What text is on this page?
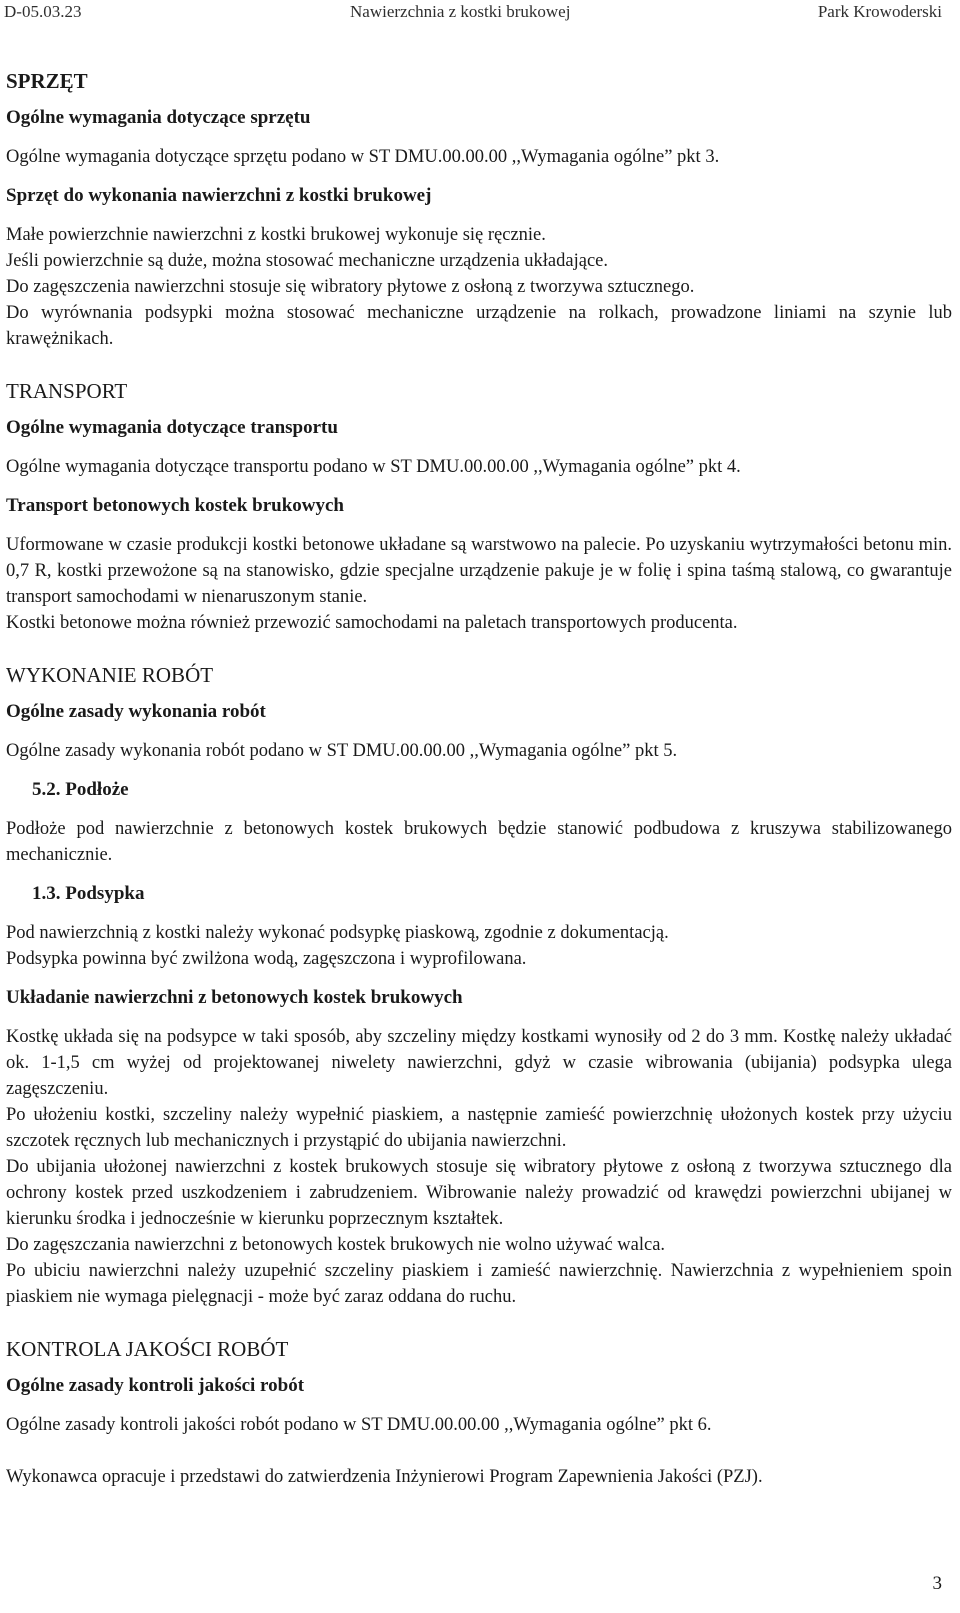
D-05.03.23	Nawierzchnia z kostki brukowej	Park Krowoderski
SPRZĘT
Ogólne wymagania dotyczące sprzętu

Ogólne wymagania dotyczące sprzętu podano w ST DMU.00.00.00 ,,Wymagania ogólne” pkt 3.

Sprzęt do wykonania nawierzchni z kostki brukowej

Małe powierzchnie nawierzchni z kostki brukowej wykonuje się ręcznie.

Jeśli powierzchnie są duże, można stosować mechaniczne urządzenia układające.

Do zagęszczenia nawierzchni stosuje się wibratory płytowe z osłoną z tworzywa sztucznego.

Do wyrównania podsypki można stosować mechaniczne urządzenie na rolkach, prowadzone liniami na szynie lub krawężnikach.

TRANSPORT
Ogólne wymagania dotyczące transportu

Ogólne wymagania dotyczące transportu podano w ST DMU.00.00.00 ,,Wymagania ogólne” pkt 4.

Transport betonowych kostek brukowych

Uformowane w czasie produkcji kostki betonowe układane są warstwowo na palecie. Po uzyskaniu wytrzymałości betonu min. 0,7 R, kostki przewożone są na stanowisko, gdzie specjalne urządzenie pakuje je w folię i spina taśmą stalową, co gwarantuje transport samochodami w nienaruszonym stanie.

Kostki betonowe można również przewozić samochodami na paletach transportowych producenta.

WYKONANIE ROBÓT
Ogólne zasady wykonania robót

Ogólne zasady wykonania robót podano w ST DMU.00.00.00 ,,Wymagania ogólne” pkt 5.

5.2. Podłoże

Podłoże pod nawierzchnie z betonowych kostek brukowych będzie stanowić podbudowa z kruszywa stabilizowanego mechanicznie.

1.3. Podsypka

Pod nawierzchnią z kostki należy wykonać podsypkę piaskową, zgodnie z dokumentacją.

Podsypka powinna być zwilżona wodą, zagęszczona i wyprofilowana.

Układanie nawierzchni z betonowych kostek brukowych

Kostkę układa się na podsypce w taki sposób, aby szczeliny między kostkami wynosiły od 2 do 3 mm. Kostkę należy układać ok. 1-1,5 cm wyżej od projektowanej niwelety nawierzchni, gdyż w czasie wibrowania (ubijania) podsypka ulega zagęszczeniu.

Po ułożeniu kostki, szczeliny należy wypełnić piaskiem, a następnie zamieść powierzchnię ułożonych kostek przy użyciu szczotek ręcznych lub mechanicznych i przystąpić do ubijania nawierzchni.

Do ubijania ułożonej nawierzchni z kostek brukowych stosuje się wibratory płytowe z osłoną z tworzywa sztucznego dla ochrony kostek przed uszkodzeniem i zabrudzeniem. Wibrowanie należy prowadzić od krawędzi powierzchni ubijanej w kierunku środka i jednocześnie w kierunku poprzecznym kształtek.

Do zagęszczania nawierzchni z betonowych kostek brukowych nie wolno używać walca.

Po ubiciu nawierzchni należy uzupełnić szczeliny piaskiem i zamieść nawierzchnię. Nawierzchnia z wypełnieniem spoin piaskiem nie wymaga pielęgnacji - może być zaraz oddana do ruchu.

KONTROLA JAKOŚCI ROBÓT
Ogólne zasady kontroli jakości robót

Ogólne zasady kontroli jakości robót podano w ST DMU.00.00.00 ,,Wymagania ogólne” pkt 6.

Wykonawca opracuje i przedstawi do zatwierdzenia Inżynierowi Program Zapewnienia Jakości (PZJ).

3
